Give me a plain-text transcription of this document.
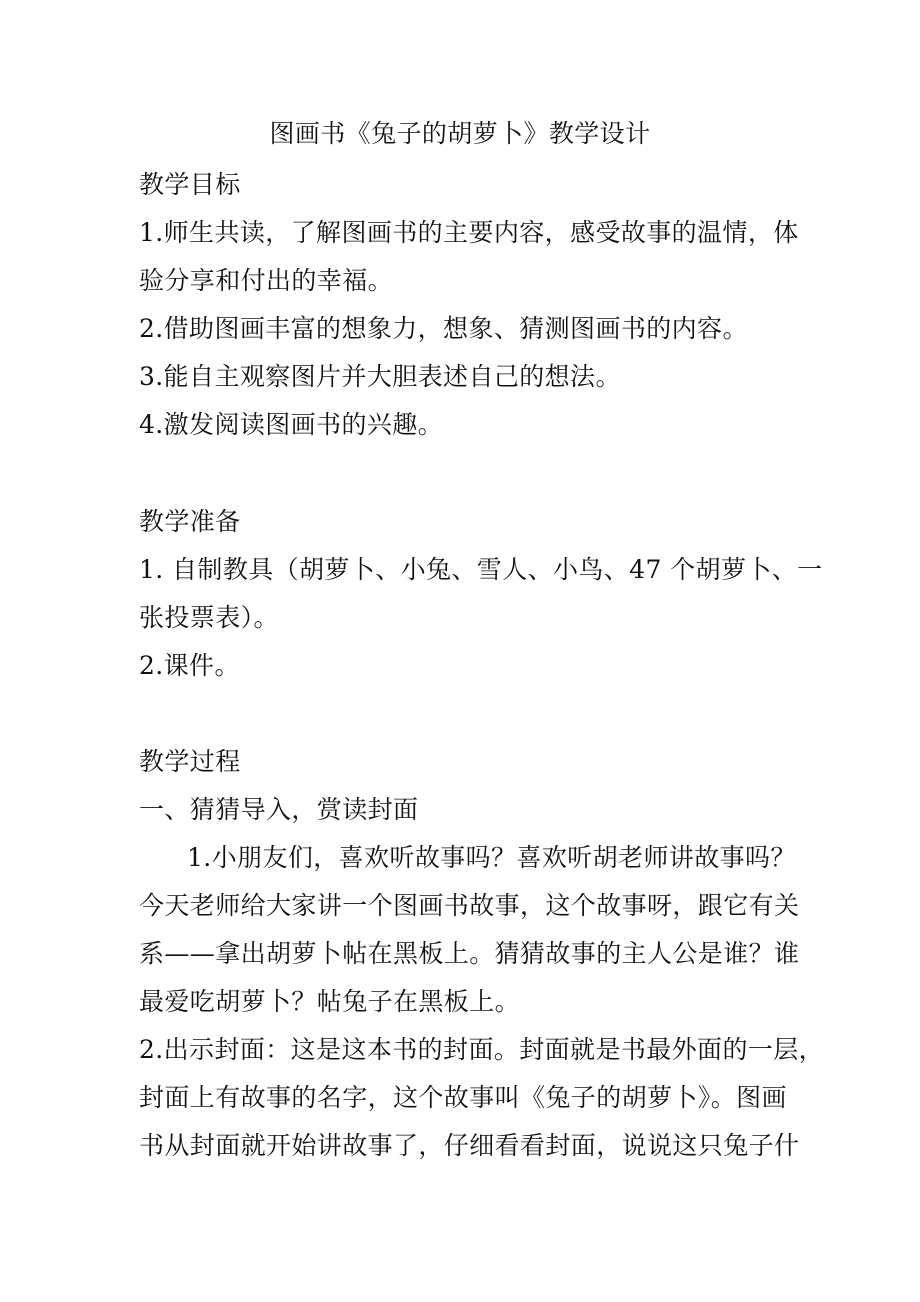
图画书《兔子的胡萝卜》教学设计
教学目标
1.师生共读，了解图画书的主要内容，感受故事的温情，体
验分享和付出的幸福。
2.借助图画丰富的想象力，想象、猜测图画书的内容。
3.能自主观察图片并大胆表述自己的想法。
4.激发阅读图画书的兴趣。
教学准备
1. 自制教具（胡萝卜、小兔、雪人、小鸟、47 个胡萝卜、一
张投票表）。
2.课件。
教学过程
一、猜猜导入，赏读封面
1.小朋友们，喜欢听故事吗？喜欢听胡老师讲故事吗？
今天老师给大家讲一个图画书故事，这个故事呀，跟它有关
系——拿出胡萝卜帖在黑板上。猜猜故事的主人公是谁？谁
最爱吃胡萝卜？帖兔子在黑板上。
2.出示封面：这是这本书的封面。封面就是书最外面的一层，
封面上有故事的名字，这个故事叫《兔子的胡萝卜》。图画
书从封面就开始讲故事了，仔细看看封面，说说这只兔子什
